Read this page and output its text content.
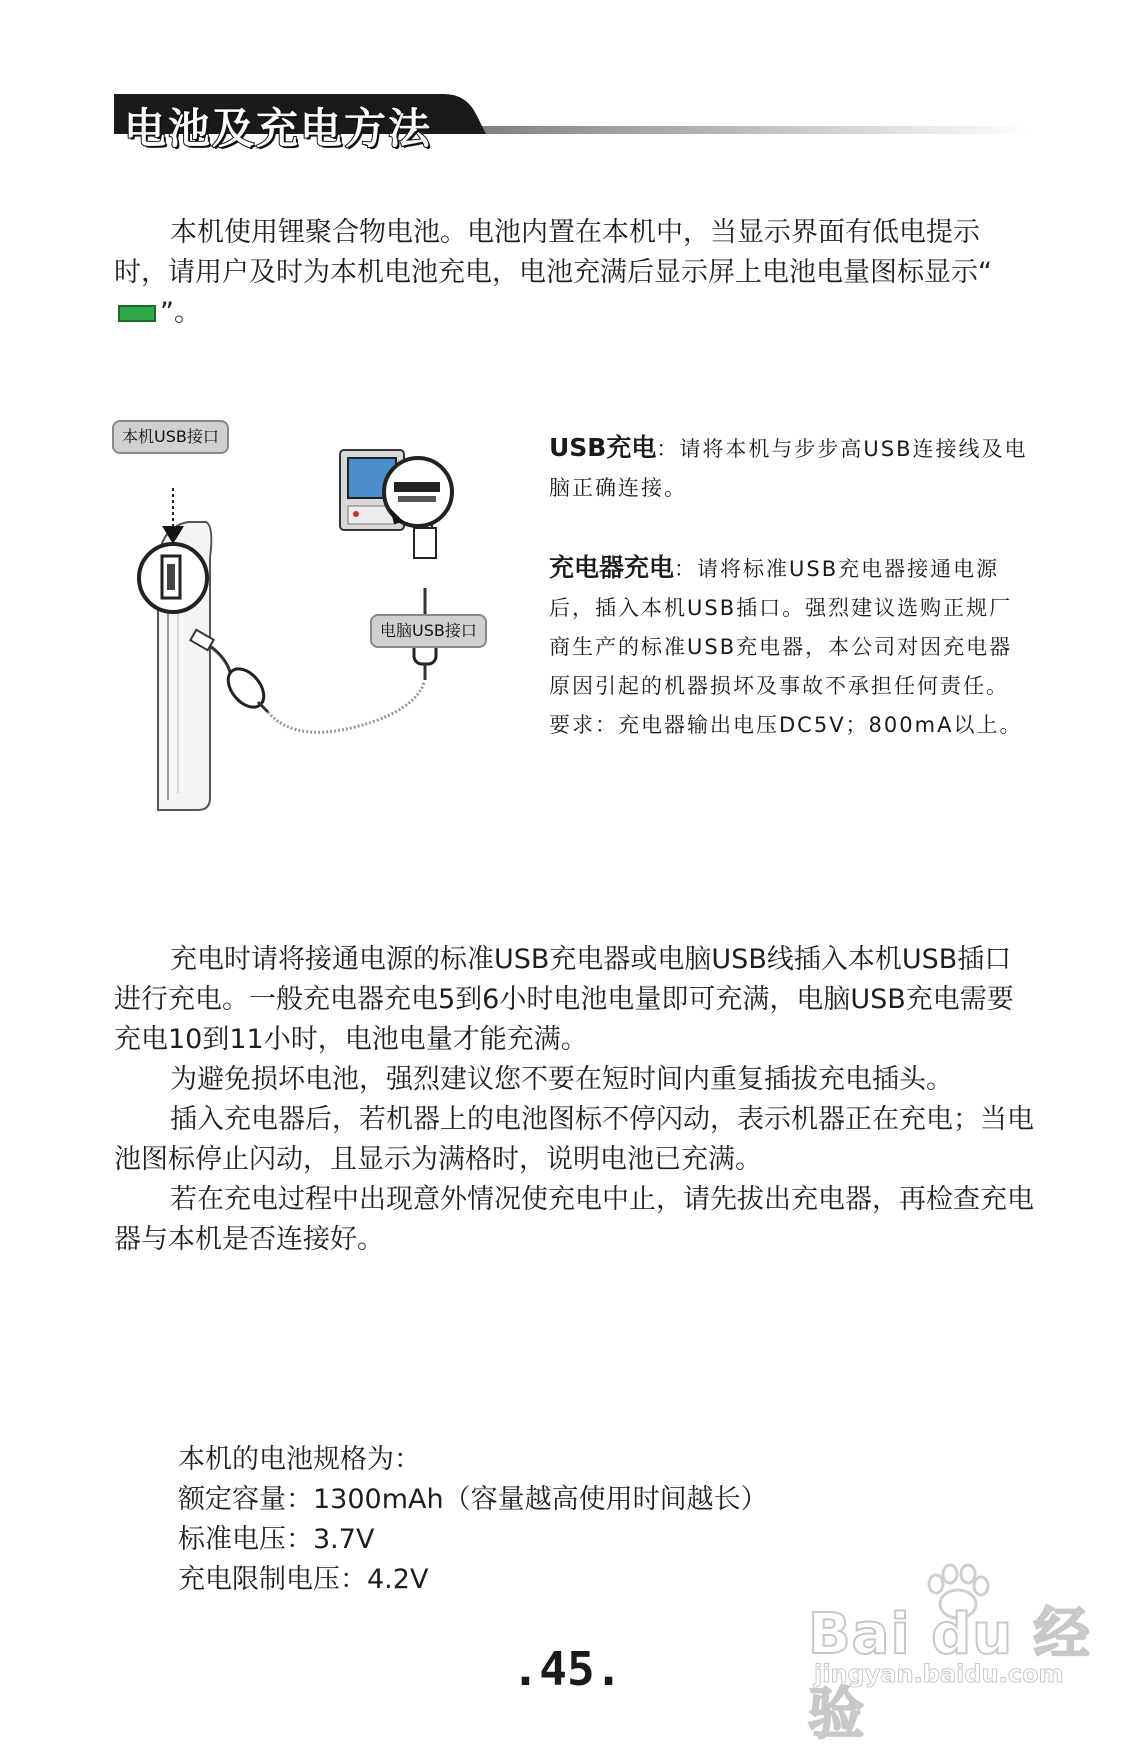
电池及充电方法
本机使用锂聚合物电池。电池内置在本机中，当显示界面有低电提示时，请用户及时为本机电池充电，电池充满后显示屏上电池电量图标显示“”。
本机USB接口
电脑USB接口
USB充电：请将本机与步步高USB连接线及电脑正确连接。
充电器充电：请将标准USB充电器接通电源后，插入本机USB插口。强烈建议选购正规厂商生产的标准USB充电器，本公司对因充电器原因引起的机器损坏及事故不承担任何责任。
要求：充电器输出电压DC5V；800mA以上。
充电时请将接通电源的标准USB充电器或电脑USB线插入本机USB插口进行充电。一般充电器充电5到6小时电池电量即可充满，电脑USB充电需要充电10到11小时，电池电量才能充满。
为避免损坏电池，强烈建议您不要在短时间内重复插拔充电插头。
插入充电器后，若机器上的电池图标不停闪动，表示机器正在充电；当电池图标停止闪动，且显示为满格时，说明电池已充满。
若在充电过程中出现意外情况使充电中止，请先拔出充电器，再检查充电器与本机是否连接好。
本机的电池规格为：
额定容量：1300mAh（容量越高使用时间越长）
标准电压：3.7V
充电限制电压：4.2V
.45.
Bai du 经验
jingyan.baidu.com
